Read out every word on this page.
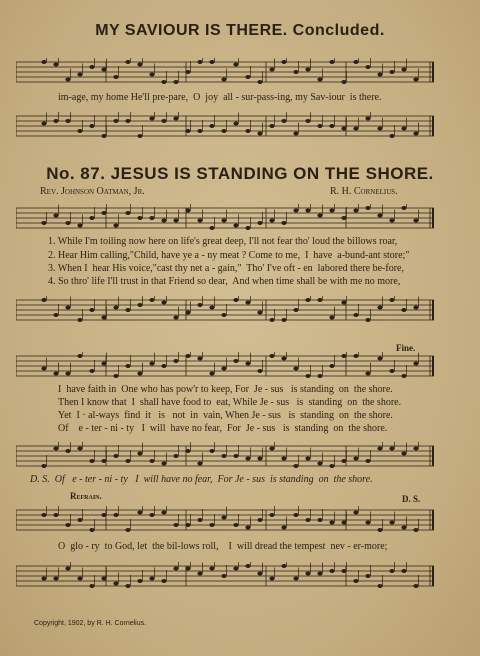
MY SAVIOUR IS THERE. Concluded.
im-age, my home He'll pre-pare,  O  joy  all - sur-pass-ing, my Sav-iour  is there.
No. 87. JESUS IS STANDING ON THE SHORE.
Rev. Johnson Oatman, Jr.	R. H. Cornelius.
1. While I'm toiling now here on life's great deep, I'll not fear tho' loud the billows roar,
2. Hear Him calling,"Child, have ye a - ny meat ? Come to me,  I  have  a-bund-ant store;"
3. When I  hear His voice,"cast thy net a - gain,"  Tho' I've oft - en  labored there be-fore,
4. So thro' life I'll trust in that Friend so dear,  And when time shall be with me no more,
Fine.
I  have faith in  One who has pow'r to keep, For  Je - sus   is standing  on  the shore.
Then I know that  I  shall have food to  eat, While Je - sus   is  standing  on  the shore.
Yet  I · al-ways  find  it   is   not  in  vain, When Je - sus   is  standing  on  the shore.
Of    e - ter - ni - ty   I  will  have no fear,  For  Je - sus   is  standing  on  the shore.
D. S.  Of   e - ter - ni - ty   I  will have no fear,  For Je - sus  is standing  on  the shore.
Refrain.	D. S.
O  glo - ry  to God, let  the bil-lows roll,    I  will dread the tempest  nev - er-more;
Copyright, 1902, by R. H. Cornelius.
